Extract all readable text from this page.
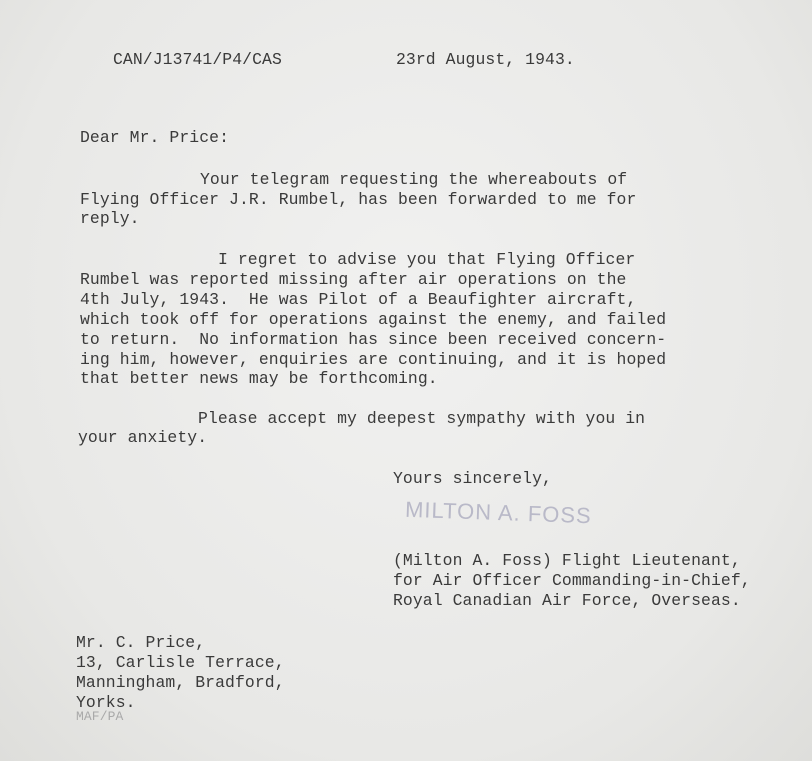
CAN/J13741/P4/CAS	23rd August, 1943.
Dear Mr. Price:
Your telegram requesting the whereabouts of
Flying Officer J.R. Rumbel, has been forwarded to me for
reply.
I regret to advise you that Flying Officer
Rumbel was reported missing after air operations on the
4th July, 1943.  He was Pilot of a Beaufighter aircraft,
which took off for operations against the enemy, and failed
to return.  No information has since been received concern-
ing him, however, enquiries are continuing, and it is hoped
that better news may be forthcoming.
Please accept my deepest sympathy with you in
your anxiety.
Yours sincerely,
MILTON A. FOSS
(Milton A. Foss) Flight Lieutenant,
for Air Officer Commanding-in-Chief,
Royal Canadian Air Force, Overseas.
Mr. C. Price,
13, Carlisle Terrace,
Manningham, Bradford,
Yorks.
MAF/PA
